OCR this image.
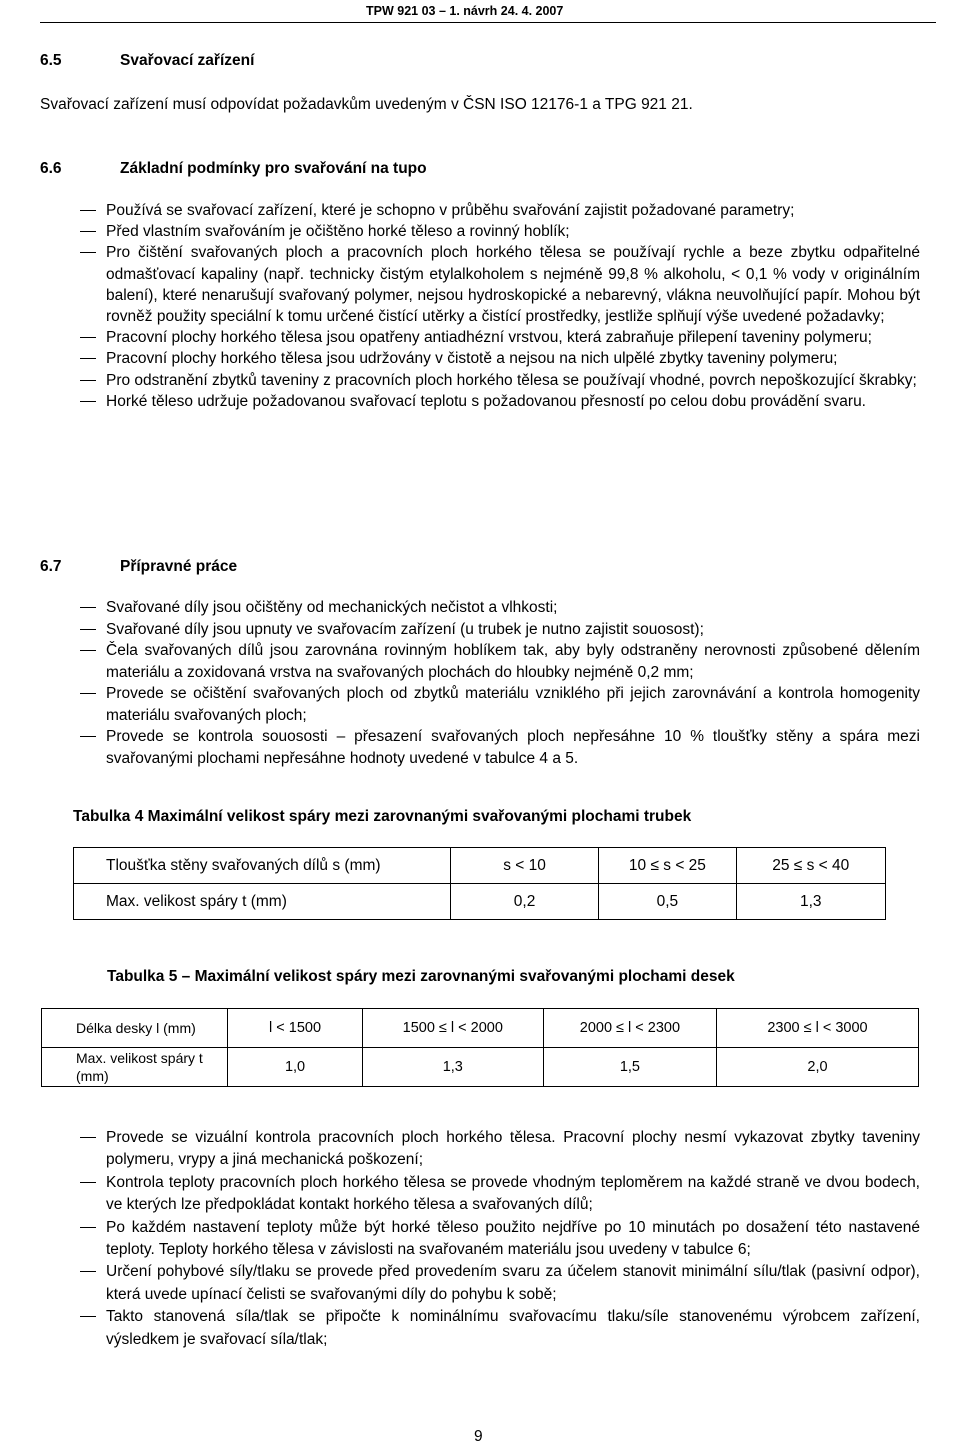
TPW 921 03 – 1. návrh 24. 4. 2007
6.5	Svařovací zařízení
Svařovací zařízení musí odpovídat požadavkům uvedeným v ČSN ISO 12176-1 a TPG 921 21.
6.6	Základní podmínky pro svařování na tupo
Používá se svařovací zařízení, které je schopno v průběhu svařování zajistit požadované parametry;
Před vlastním svařováním je očištěno horké těleso a rovinný hoblík;
Pro čištění svařovaných ploch a pracovních ploch horkého tělesa se používají rychle a beze zbytku odpařitelné odmašťovací kapaliny (např. technicky čistým etylalkoholem s nejméně 99,8 % alkoholu, < 0,1 % vody v originálním balení), které nenarušují svařovaný polymer, nejsou hydroskopické a nebarevný, vlákna neuvolňující papír. Mohou být rovněž použity speciální k tomu určené čistící utěrky a čistící prostředky, jestliže splňují výše uvedené požadavky;
Pracovní plochy horkého tělesa jsou opatřeny antiadhézní vrstvou, která zabraňuje přilepení taveniny polymeru;
Pracovní plochy horkého tělesa jsou udržovány v čistotě a nejsou na nich ulpělé zbytky taveniny polymeru;
Pro odstranění zbytků taveniny z pracovních ploch horkého tělesa se používají vhodné, povrch nepoškozující škrabky;
Horké těleso udržuje požadovanou svařovací teplotu s požadovanou přesností po celou dobu provádění svaru.
6.7	Přípravné práce
Svařované díly jsou očištěny od mechanických nečistot a vlhkosti;
Svařované díly jsou upnuty ve svařovacím zařízení (u trubek je nutno zajistit souosost);
Čela svařovaných dílů jsou zarovnána rovinným hoblíkem tak, aby byly odstraněny nerovnosti způsobené dělením materiálu a zoxidovaná vrstva na svařovaných plochách do hloubky nejméně 0,2 mm;
Provede se očištění svařovaných ploch od zbytků materiálu vzniklého při jejich zarovnávání a kontrola homogenity materiálu svařovaných ploch;
Provede se kontrola souososti – přesazení svařovaných ploch nepřesáhne 10 % tloušťky stěny a spára mezi svařovanými plochami nepřesáhne hodnoty uvedené v tabulce 4 a 5.
Tabulka 4 Maximální velikost spáry mezi zarovnanými svařovanými plochami trubek
Tloušťka stěny svařovaných dílů s (mm)	s < 10	10 ≤ s < 25	25 ≤ s < 40
Max. velikost spáry t (mm)	0,2	0,5	1,3
Tabulka 5 – Maximální velikost spáry mezi zarovnanými svařovanými plochami desek
Délka desky l (mm)	l < 1500	1500 ≤ l < 2000	2000 ≤ l < 2300	2300 ≤ l < 3000
Max. velikost spáry t (mm)	1,0	1,3	1,5	2,0
Provede se vizuální kontrola pracovních ploch horkého tělesa. Pracovní plochy nesmí vykazovat zbytky taveniny polymeru, vrypy a jiná mechanická poškození;
Kontrola teploty pracovních ploch horkého tělesa se provede vhodným teploměrem na každé straně ve dvou bodech, ve kterých lze předpokládat kontakt horkého tělesa a svařovaných dílů;
Po každém nastavení teploty může být horké těleso použito nejdříve po 10 minutách po dosažení této nastavené teploty. Teploty horkého tělesa v závislosti na svařovaném materiálu jsou uvedeny v tabulce 6;
Určení pohybové síly/tlaku se provede před provedením svaru za účelem stanovit minimální sílu/tlak (pasivní odpor), která uvede upínací čelisti se svařovanými díly do pohybu k sobě;
Takto stanovená síla/tlak se připočte k nominálnímu svařovacímu tlaku/síle stanovenému výrobcem zařízení, výsledkem je svařovací síla/tlak;
9
